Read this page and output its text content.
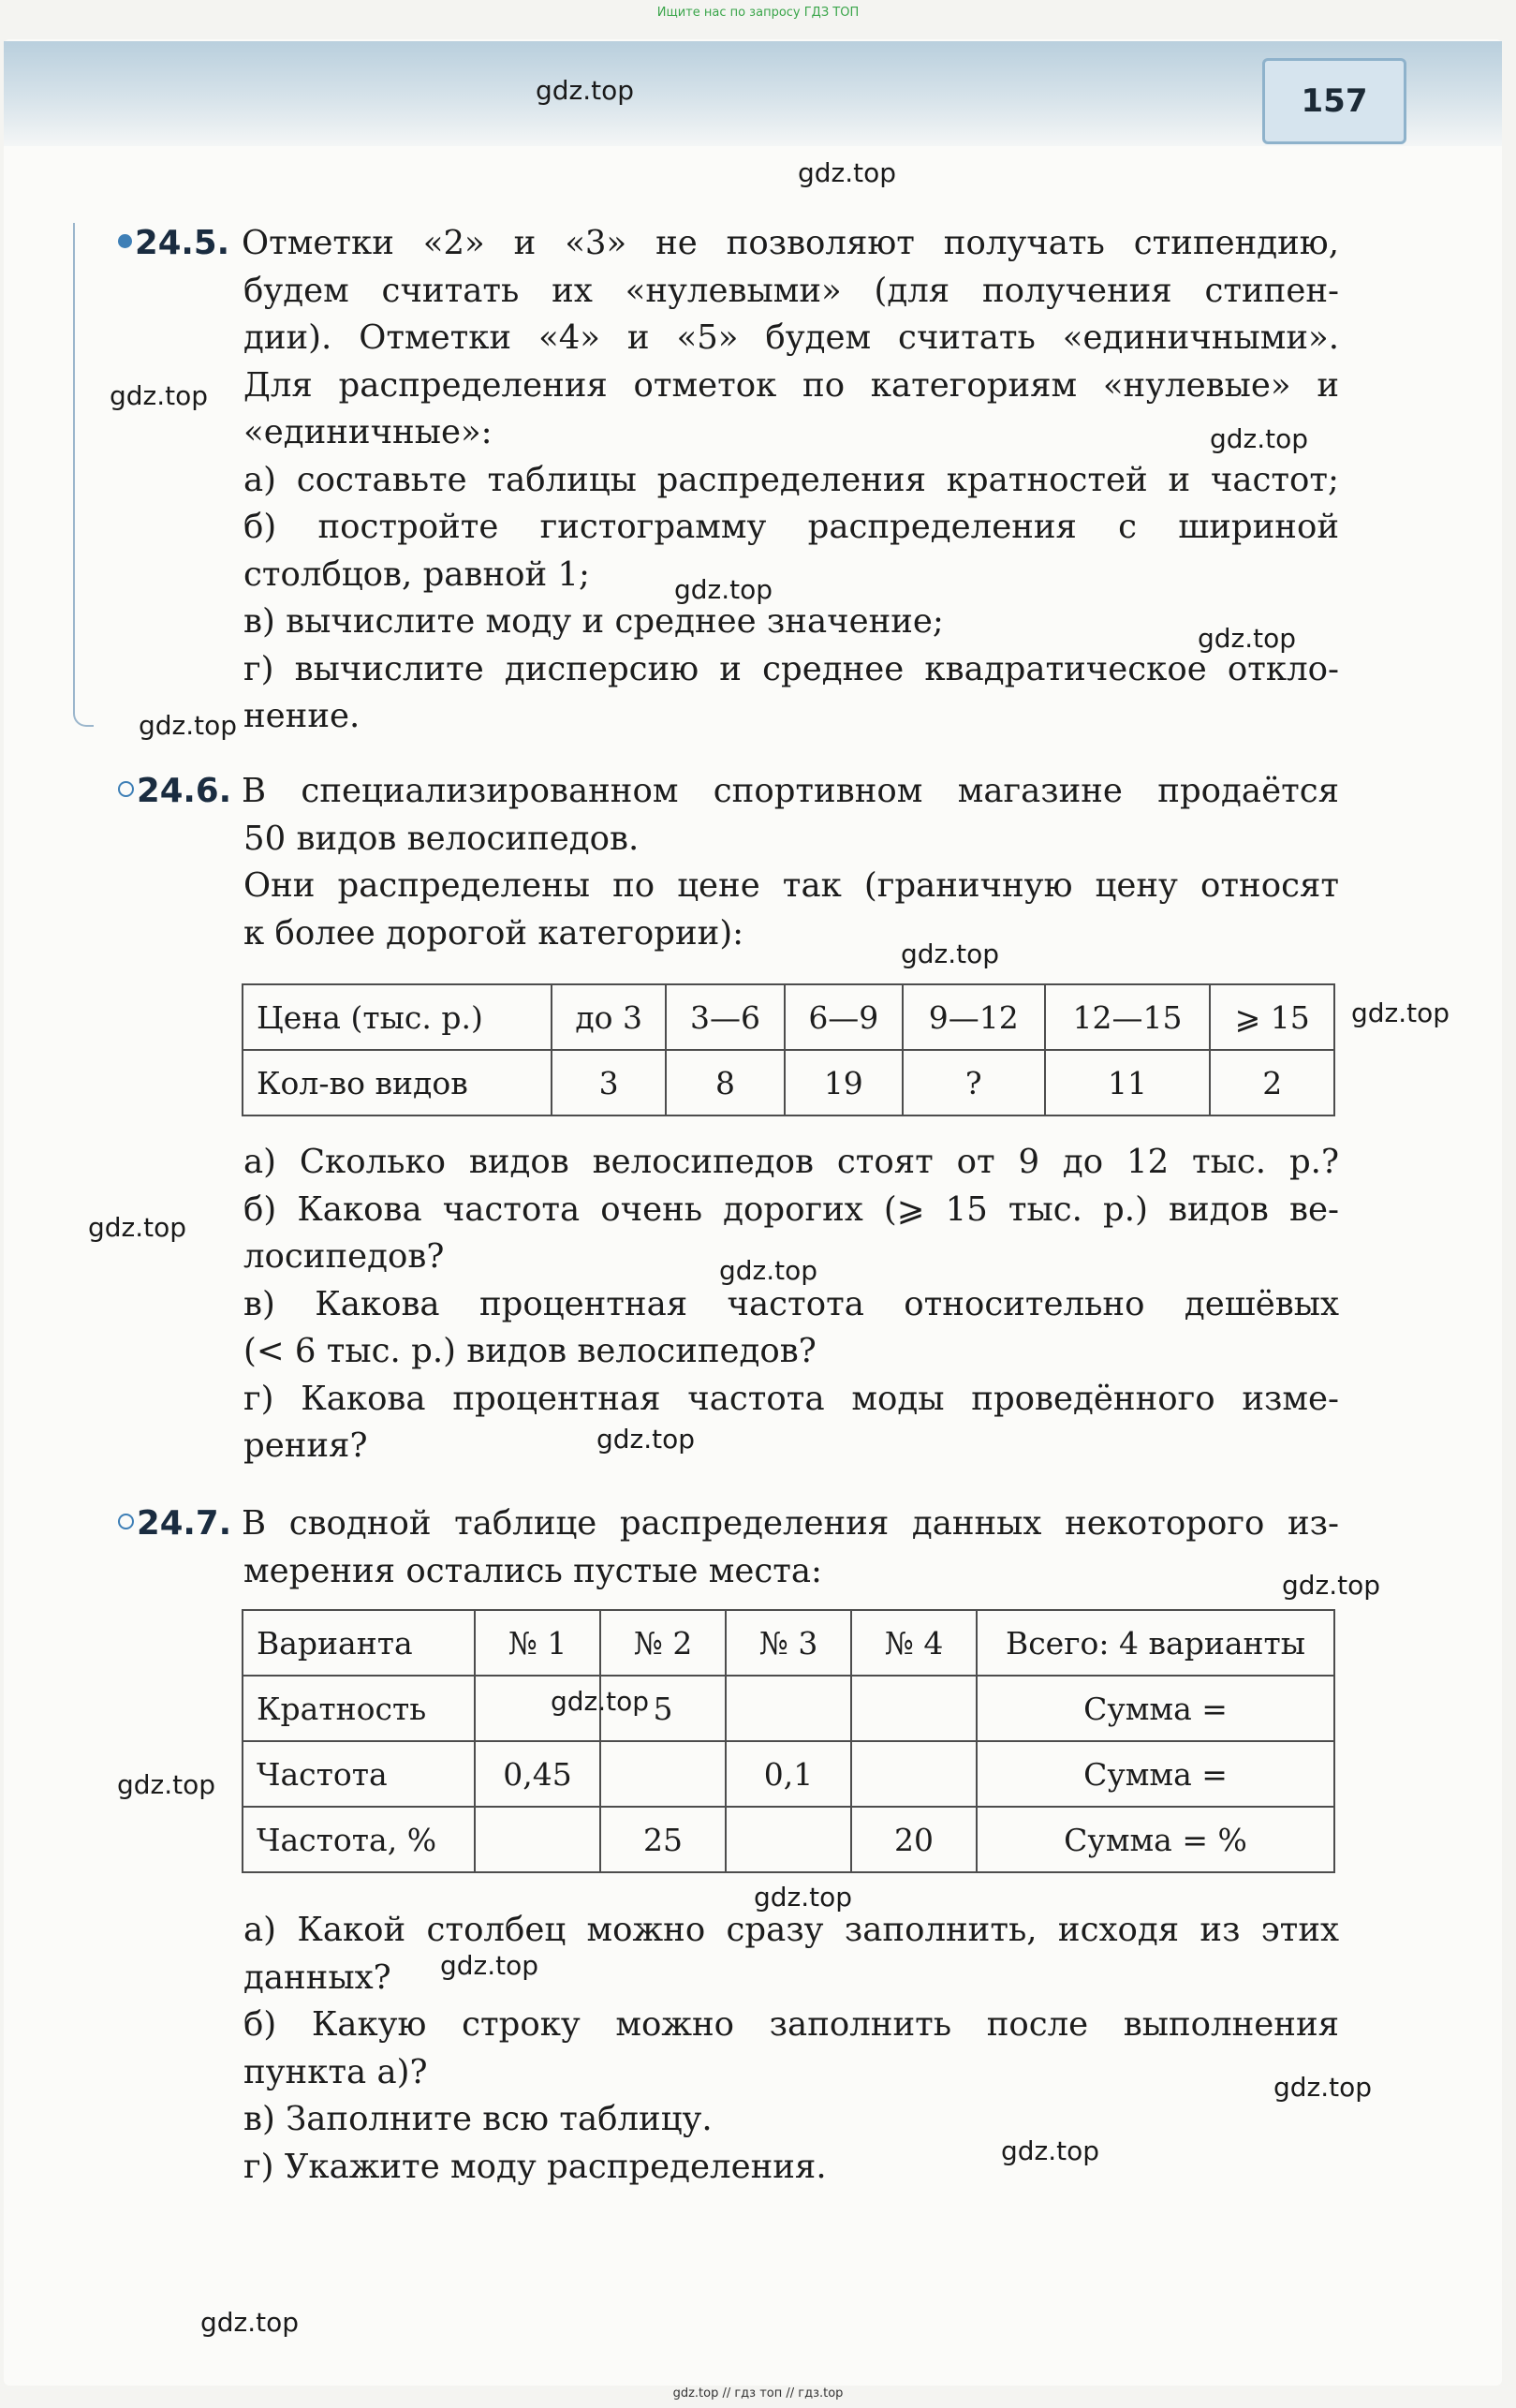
Ищите нас по запросу ГДЗ ТОП
157
24.5. Отметки «2» и «3» не позволяют получать стипендию,
будем считать их «нулевыми» (для получения стипен-
дии). Отметки «4» и «5» будем считать «единичными».
Для распределения отметок по категориям «нулевые» и
«единичные»:
а) составьте таблицы распределения кратностей и частот;
б) постройте гистограмму распределения с шириной
столбцов, равной 1;
в) вычислите моду и среднее значение;
г) вычислите дисперсию и среднее квадратическое откло-
нение.
24.6. В специализированном спортивном магазине продаётся
50 видов велосипедов.
Они распределены по цене так (граничную цену относят
к более дорогой категории):
Цена (тыс. р.)	до 3	3—6	6—9	9—12	12—15	⩾ 15
Кол-во видов	3	8	19	?	11	2
а) Сколько видов велосипедов стоят от 9 до 12 тыс. р.?
б) Какова частота очень дорогих (⩾ 15 тыс. р.) видов ве-
лосипедов?
в) Какова процентная частота относительно дешёвых
(< 6 тыс. р.) видов велосипедов?
г) Какова процентная частота моды проведённого изме-
рения?
24.7. В сводной таблице распределения данных некоторого из-
мерения остались пустые места:
Варианта	№ 1	№ 2	№ 3	№ 4	Всего: 4 варианты
Кратность		5			Сумма =
Частота	0,45		0,1		Сумма =
Частота, %		25		20	Сумма = %
а) Какой столбец можно сразу заполнить, исходя из этих
данных?
б) Какую строку можно заполнить после выполнения
пункта а)?
в) Заполните всю таблицу.
г) Укажите моду распределения.
gdz.top
gdz.top
gdz.top
gdz.top
gdz.top
gdz.top
gdz.top
gdz.top
gdz.top
gdz.top
gdz.top
gdz.top
gdz.top
gdz.top
gdz.top
gdz.top
gdz.top
gdz.top
gdz.top
gdz.top
gdz.top // гдз топ // гдз.top
